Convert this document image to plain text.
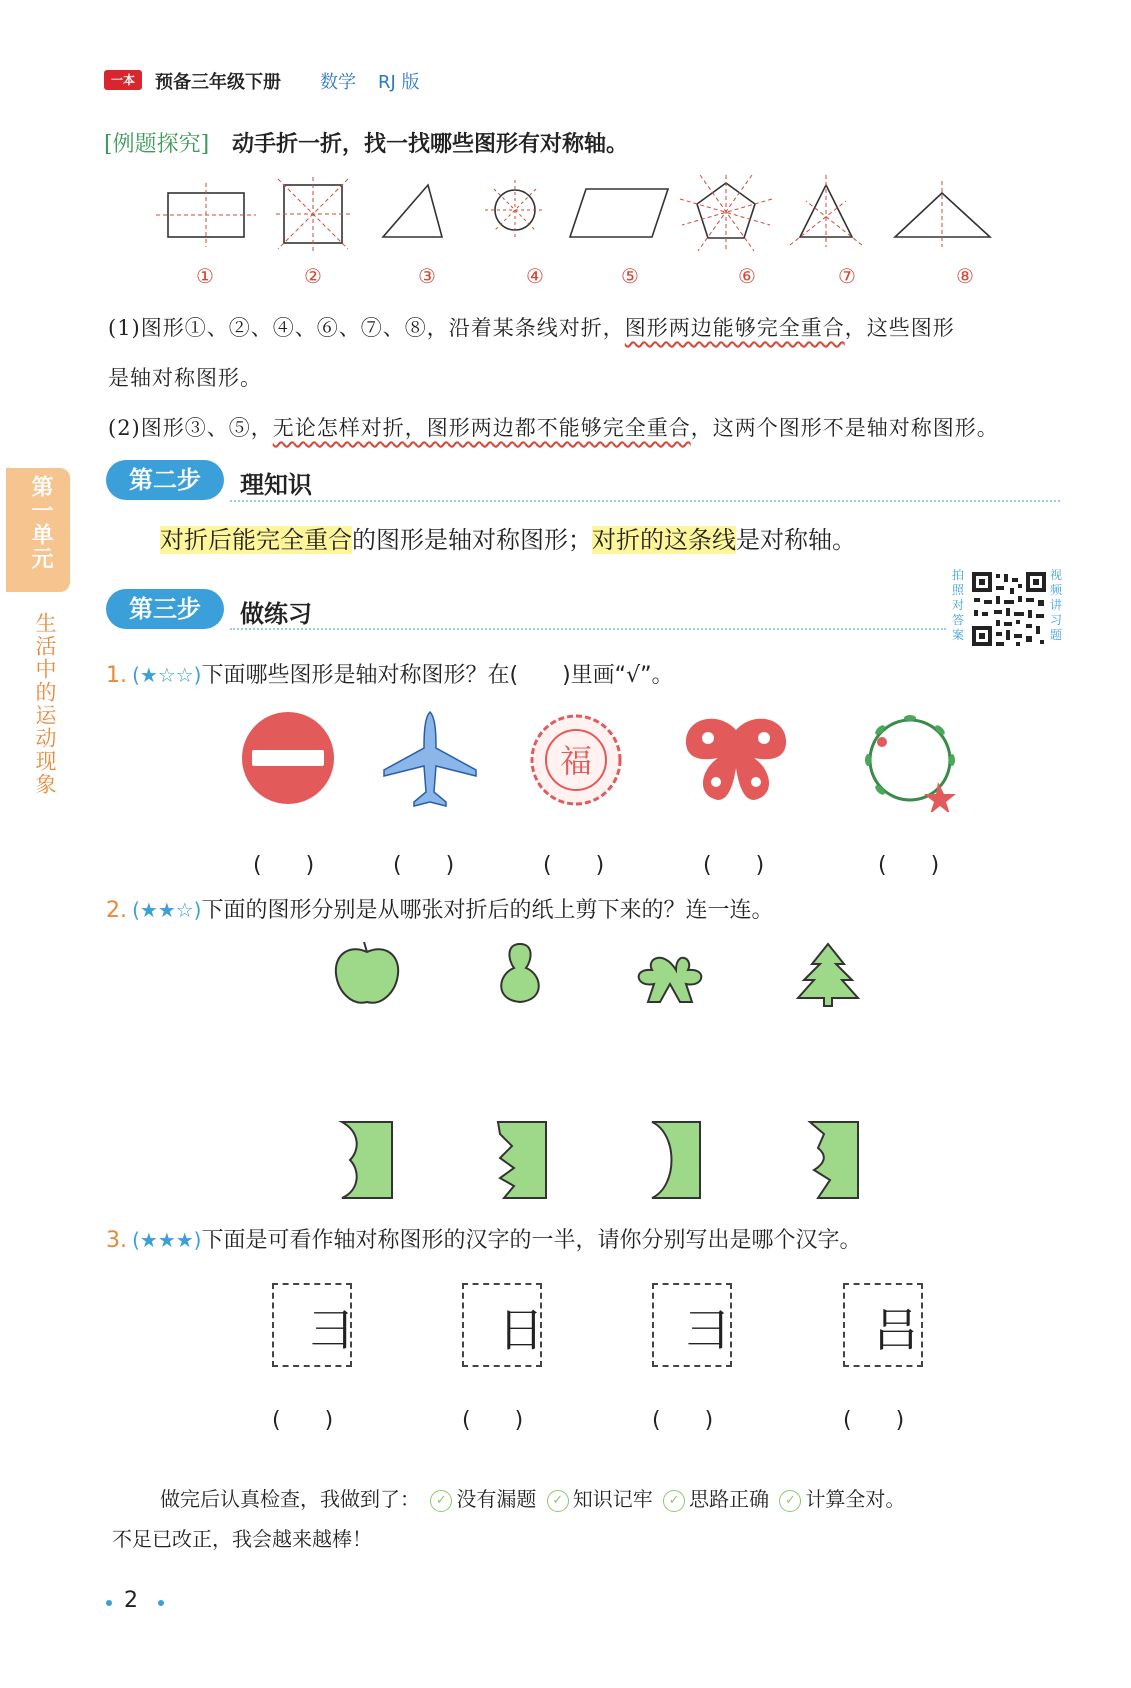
一本	预备三年级下册 数学 RJ 版
[例题探究] 动手折一折，找一找哪些图形有对称轴。
①	②	③	④	⑤	⑥	⑦	⑧
(1)图形①、②、④、⑥、⑦、⑧，沿着某条线对折，图形两边能够完全重合，这些图形
是轴对称图形。
(2)图形③、⑤，无论怎样对折，图形两边都不能够完全重合，这两个图形不是轴对称图形。
第一单元
生活中的运动现象
第二步	理知识
对折后能完全重合的图形是轴对称图形；对折的这条线是对称轴。
第三步	做练习
拍照对答案
视频讲习题
1. (★☆☆)下面哪些图形是轴对称图形？在(　　)里画“√”。
福
(　　)	(　　)	(　　)	(　　)	(　　)
2. (★★☆)下面的图形分别是从哪张对折后的纸上剪下来的？连一连。
3. (★★★)下面是可看作轴对称图形的汉字的一半，请你分别写出是哪个汉字。
彐	日	彐	吕
(　　)	(　　)	(　　)	(　　)
做完后认真检查，我做到了： ✓ 没有漏题 ✓ 知识记牢 ✓ 思路正确 ✓ 计算全对。
不足已改正，我会越来越棒！
2
